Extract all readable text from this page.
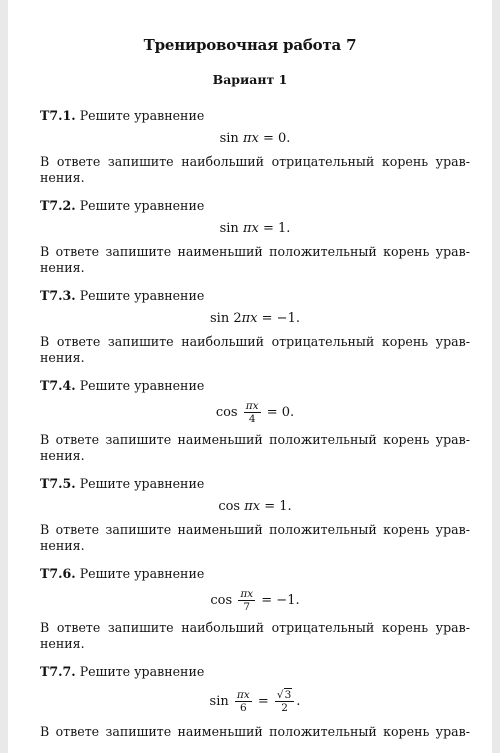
Тренировочная работа 7
Вариант 1
Т7.1. Решите уравнение
sin πx = 0.
В ответе запишите наибольший отрицательный корень урав-
нения.
Т7.2. Решите уравнение
sin πx = 1.
В ответе запишите наименьший положительный корень урав-
нения.
Т7.3. Решите уравнение
sin 2πx = −1.
В ответе запишите наибольший отрицательный корень урав-
нения.
Т7.4. Решите уравнение
$\cos \frac{\pi x}{4} = 0$.
В ответе запишите наименьший положительный корень урав-
нения.
Т7.5. Решите уравнение
cos πx = 1.
В ответе запишите наименьший положительный корень урав-
нения.
Т7.6. Решите уравнение
$\cos \frac{\pi x}{7} = -1$.
В ответе запишите наибольший отрицательный корень урав-
нения.
Т7.7. Решите уравнение
$\sin \frac{\pi x}{6} = \frac{√3}{2}$ .
В ответе запишите наименьший положительный корень урав-
